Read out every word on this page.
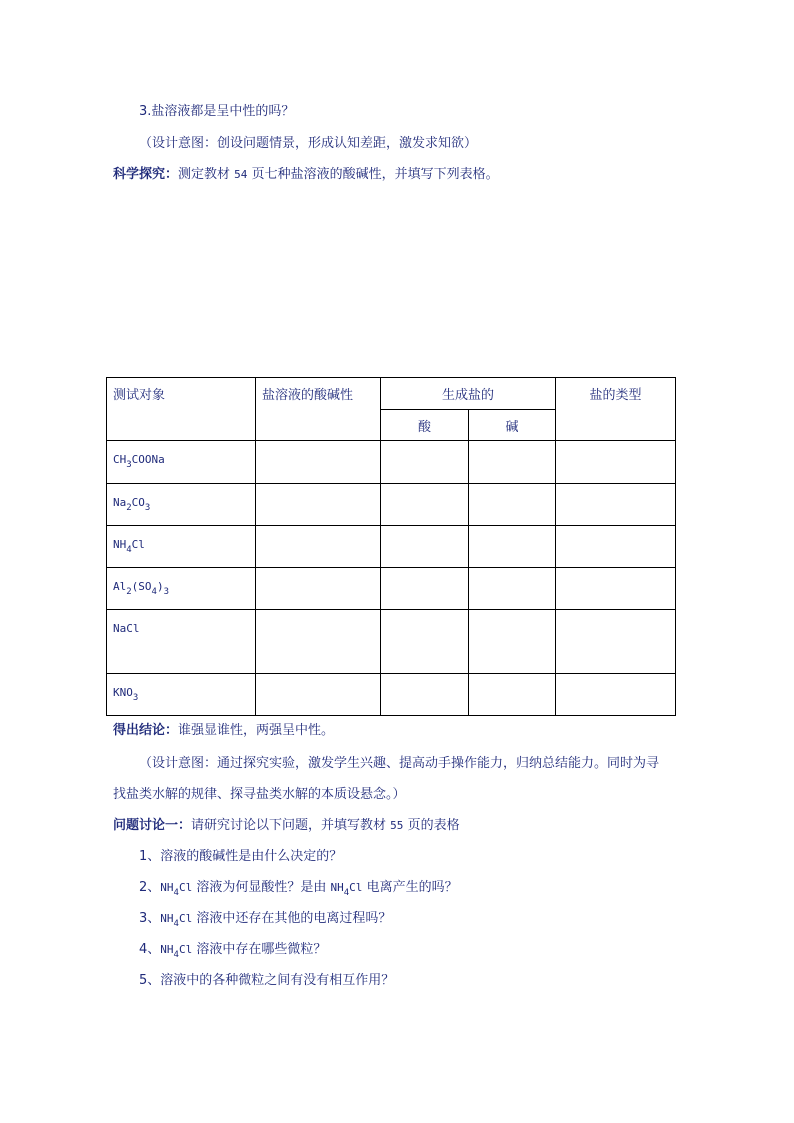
3.盐溶液都是呈中性的吗？
（设计意图：创设问题情景，形成认知差距，激发求知欲）
科学探究：测定教材 54 页七种盐溶液的酸碱性，并填写下列表格。
测试对象	盐溶液的酸碱性	生成盐的		盐的类型
		酸	碱	
$CH_3COONa$				
$Na_2CO_3$				
$NH_4Cl$				
$Al_2(SO_4)_3$				
NaCl				
$KNO_3$				
得出结论：谁强显谁性，两强呈中性。
（设计意图：通过探究实验，激发学生兴趣、提高动手操作能力，归纳总结能力。同时为寻
找盐类水解的规律、探寻盐类水解的本质设悬念。）
问题讨论一：请研究讨论以下问题，并填写教材 55 页的表格
1、溶液的酸碱性是由什么决定的？
2、$NH_4Cl$ 溶液为何显酸性？是由 $NH_4Cl$ 电离产生的吗？
3、$NH_4Cl$ 溶液中还存在其他的电离过程吗？
4、$NH_4Cl$ 溶液中存在哪些微粒？
5、溶液中的各种微粒之间有没有相互作用？
